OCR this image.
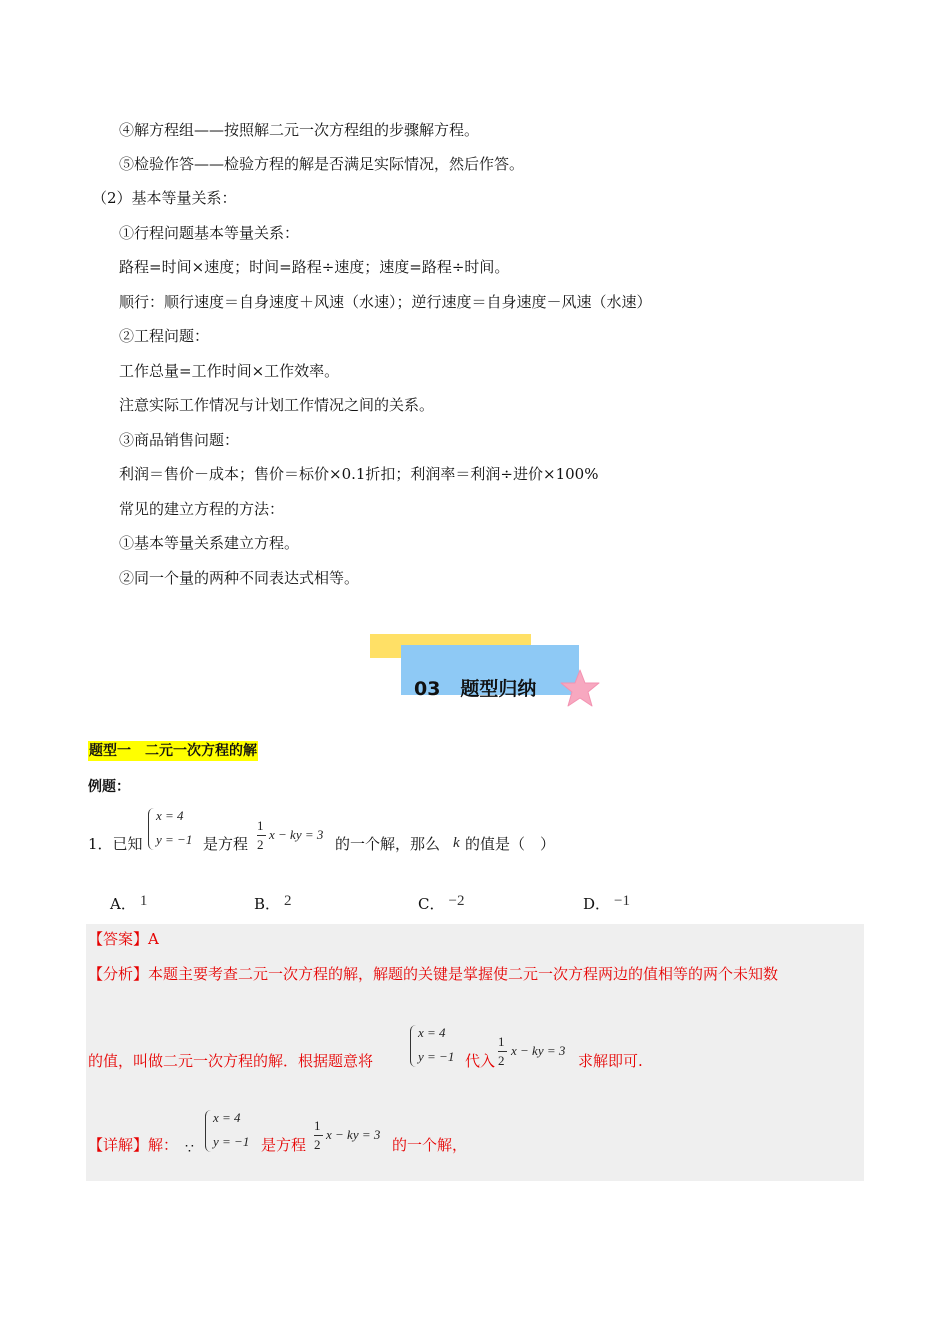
④解方程组——按照解二元一次方程组的步骤解方程。
⑤检验作答——检验方程的解是否满足实际情况，然后作答。
（2）基本等量关系：
①行程问题基本等量关系：
路程=时间×速度；时间=路程÷速度；速度=路程÷时间。
顺行：顺行速度＝自身速度＋风速（水速）；逆行速度＝自身速度－风速（水速）
②工程问题：
工作总量=工作时间×工作效率。
注意实际工作情况与计划工作情况之间的关系。
③商品销售问题：
利润＝售价－成本；售价＝标价×0.1折扣；利润率＝利润÷进价×100%
常见的建立方程的方法：
①基本等量关系建立方程。
②同一个量的两种不同表达式相等。
03 题型归纳
题型一　二元一次方程的解
例题：
1．已知
x = 4
y = −1 是方程
1
2
x − ky = 3
的一个解，那么 k 的值是（　）
A． 1	B． 2	C． −2	D． −1
【答案】A
【分析】本题主要考查二元一次方程的解，解题的关键是掌握使二元一次方程两边的值相等的两个未知数
的值，叫做二元一次方程的解．根据题意将
x = 4
y = −1 代入
1
2
x − ky = 3
求解即可.
【详解】解： ∵
x = 4
y = −1 是方程
1
2
x − ky = 3
的一个解，
